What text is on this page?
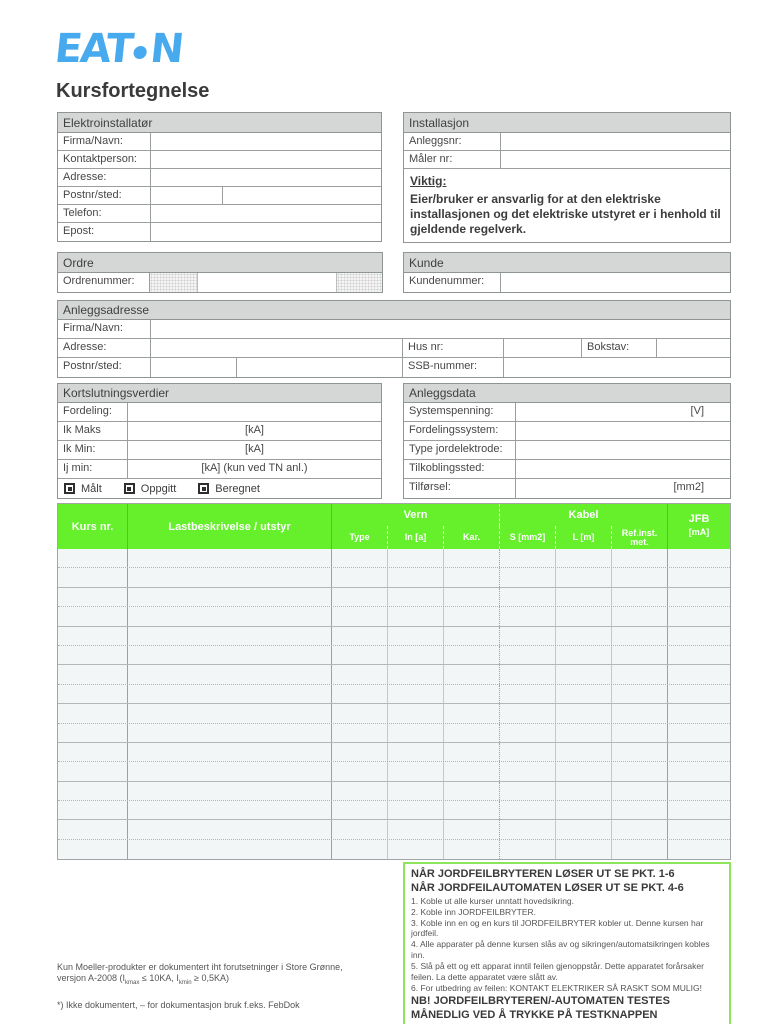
EAT N
Kursfortegnelse
Elektroinstallatør
Firma/Navn:
Kontaktperson:
Adresse:
Postnr/sted:
Telefon:
Epost:
Installasjon
Anleggsnr:
Måler nr:
Viktig:
Eier/bruker er ansvarlig for at den elektriske installasjonen og det elektriske utstyret er i henhold til gjeldende regelverk.
Ordre
Ordrenummer:
Kunde
Kundenummer:
Anleggsadresse
Firma/Navn:
Adresse:	Hus nr:	Bokstav:
Postnr/sted:	SSB-nummer:
Kortslutningsverdier
Fordeling:
Ik Maks	[kA]
Ik Min:	[kA]
Ij min:	[kA] (kun ved TN anl.)
Målt	Oppgitt	Beregnet
Anleggsdata
Systemspenning:	[V]
Fordelingssystem:
Type jordelektrode:
Tilkoblingssted:
Tilførsel:	[mm2]
Kurs nr.	Lastbeskrivelse / utstyr
Vern	Kabel	JFB
Type	In [a]	Kar.	S [mm2]	L [m]	Ref.inst.
met.
[mA]
NÅR JORDFEILBRYTEREN LØSER UT SE PKT. 1-6
NÅR JORDFEILAUTOMATEN LØSER UT SE PKT. 4-6
1. Koble ut alle kurser unntatt hovedsikring.
2. Koble inn JORDFEILBRYTER.
3. Koble inn en og en kurs til JORDFEILBRYTER kobler ut. Denne kursen har jordfeil.
4. Alle apparater på denne kursen slås av og sikringen/automatsikringen kobles inn.
5. Slå på ett og ett apparat inntil feilen gjenoppstår. Dette apparatet forårsaker feilen. La dette apparatet være slått av.
6. For utbedring av feilen: KONTAKT ELEKTRIKER SÅ RASKT SOM MULIG!
NB! JORDFEILBRYTEREN/-AUTOMATEN TESTES MÅNEDLIG VED Å TRYKKE PÅ TESTKNAPPEN
Kun Moeller-produkter er dokumentert iht forutsetninger i Store Grønne,
versjon A-2008 ($I_{kmax} \le 10KA$, $I_{kmin} \ge 0,5KA$)
*) Ikke dokumentert, – for dokumentasjon bruk f.eks. FebDok
